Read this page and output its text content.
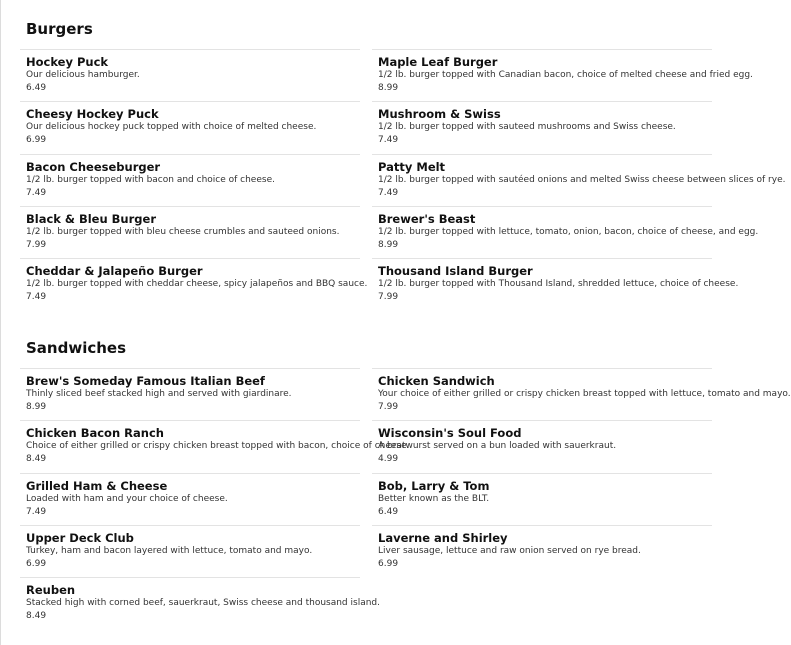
Burgers
Hockey Puck
Our delicious hamburger.
6.49
Maple Leaf Burger
1/2 lb. burger topped with Canadian bacon, choice of melted cheese and fried egg.
8.99
Cheesy Hockey Puck
Our delicious hockey puck topped with choice of melted cheese.
6.99
Mushroom & Swiss
1/2 lb. burger topped with sauteed mushrooms and Swiss cheese.
7.49
Bacon Cheeseburger
1/2 lb. burger topped with bacon and choice of cheese.
7.49
Patty Melt
1/2 lb. burger topped with sautéed onions and melted Swiss cheese between slices of rye.
7.49
Black & Bleu Burger
1/2 lb. burger topped with bleu cheese crumbles and sauteed onions.
7.99
Brewer's Beast
1/2 lb. burger topped with lettuce, tomato, onion, bacon, choice of cheese, and egg.
8.99
Cheddar & Jalapeño Burger
1/2 lb. burger topped with cheddar cheese, spicy jalapeños and BBQ sauce.
7.49
Thousand Island Burger
1/2 lb. burger topped with Thousand Island, shredded lettuce, choice of cheese.
7.99
Sandwiches
Brew's Someday Famous Italian Beef
Thinly sliced beef stacked high and served with giardinare.
8.99
Chicken Sandwich
Your choice of either grilled or crispy chicken breast topped with lettuce, tomato and mayo.
7.99
Chicken Bacon Ranch
Choice of either grilled or crispy chicken breast topped with bacon, choice of cheese.
8.49
Wisconsin's Soul Food
A bratwurst served on a bun loaded with sauerkraut.
4.99
Grilled Ham & Cheese
Loaded with ham and your choice of cheese.
7.49
Bob, Larry & Tom
Better known as the BLT.
6.49
Upper Deck Club
Turkey, ham and bacon layered with lettuce, tomato and mayo.
6.99
Laverne and Shirley
Liver sausage, lettuce and raw onion served on rye bread.
6.99
Reuben
Stacked high with corned beef, sauerkraut, Swiss cheese and thousand island.
8.49
